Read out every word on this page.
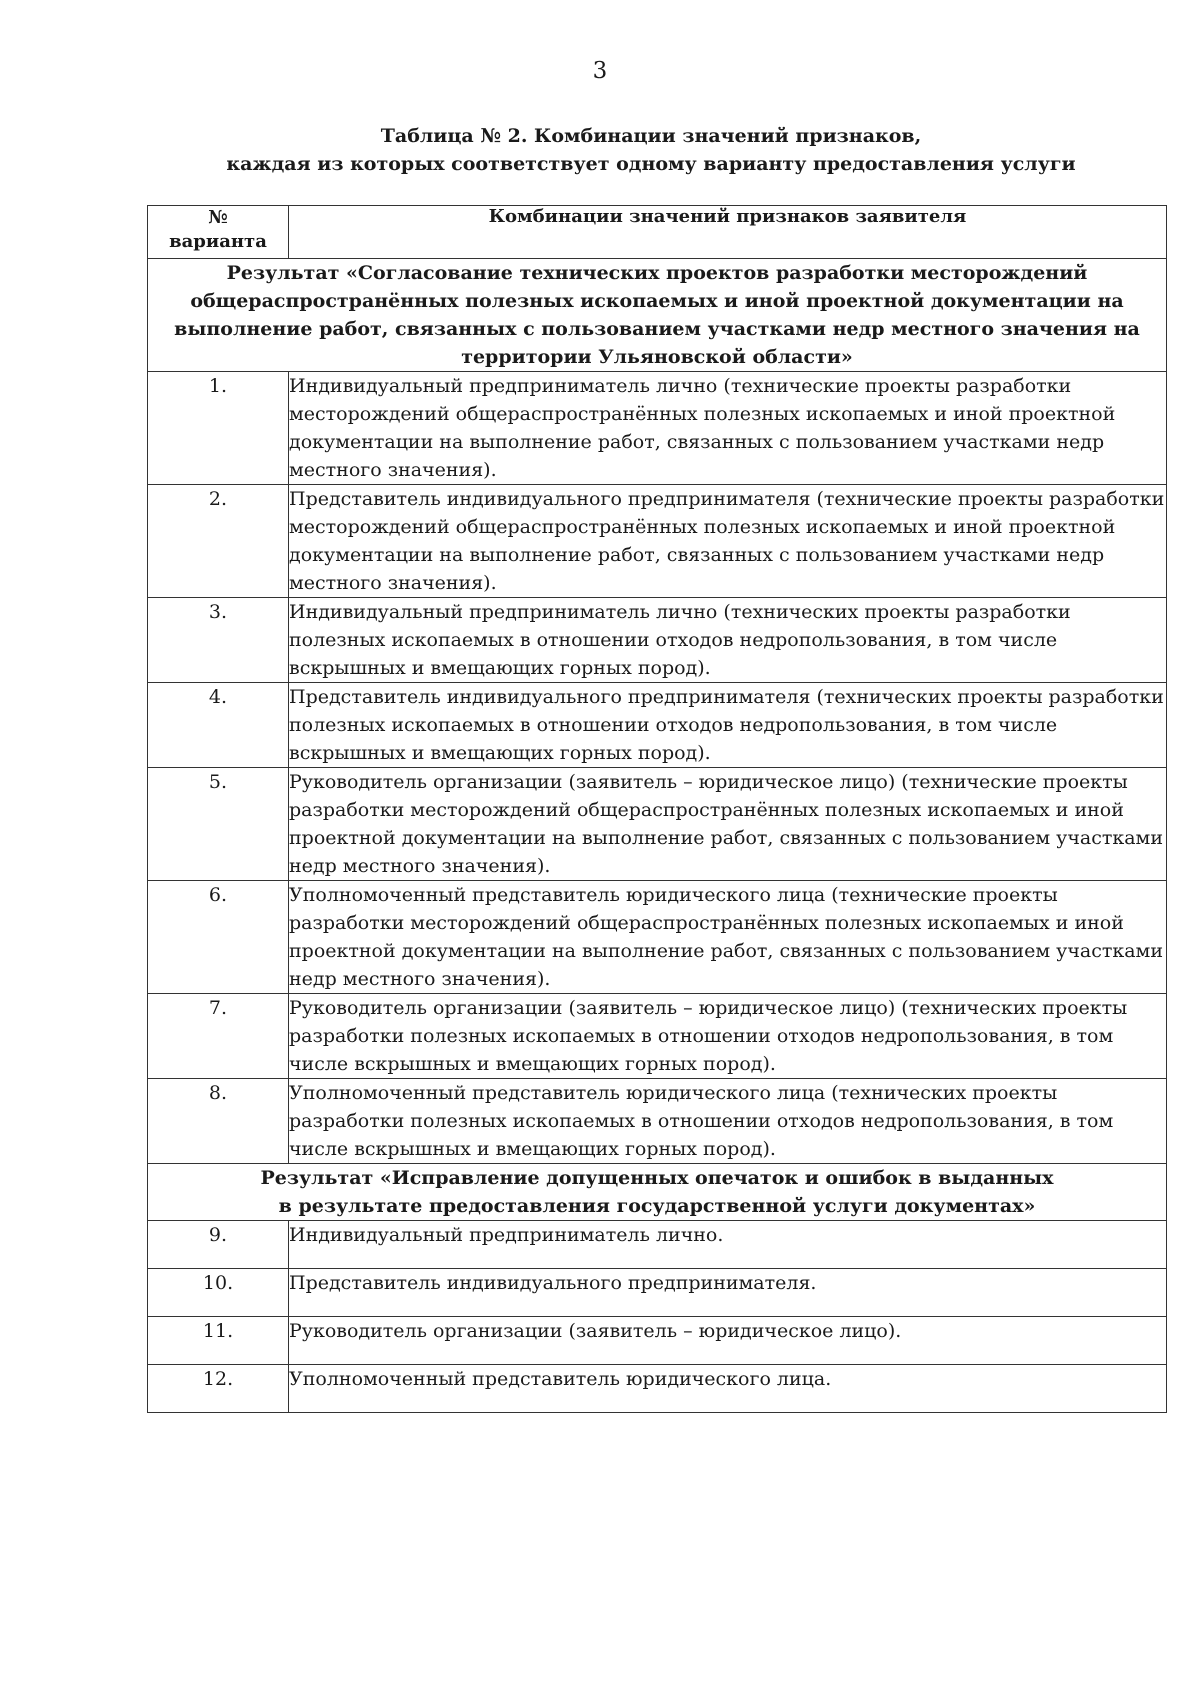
3
Таблица № 2. Комбинации значений признаков,
каждая из которых соответствует одному варианту предоставления услуги
№
варианта	Комбинации значений признаков заявителя
Результат «Согласование технических проектов разработки месторождений общераспространённых полезных ископаемых и иной проектной документации на выполнение работ, связанных с пользованием участками недр местного значения на территории Ульяновской области»	
1.	Индивидуальный предприниматель лично (технические проекты разработки месторождений общераспространённых полезных ископаемых и иной проектной документации на выполнение работ, связанных с пользованием участками недр местного значения).
2.	Представитель индивидуального предпринимателя (технические проекты разработки месторождений общераспространённых полезных ископаемых и иной проектной документации на выполнение работ, связанных с пользованием участками недр местного значения).
3.	Индивидуальный предприниматель лично (технических проекты разработки полезных ископаемых в отношении отходов недропользования, в том числе вскрышных и вмещающих горных пород).
4.	Представитель индивидуального предпринимателя (технических проекты разработки полезных ископаемых в отношении отходов недропользования, в том числе вскрышных и вмещающих горных пород).
5.	Руководитель организации (заявитель – юридическое лицо) (технические проекты разработки месторождений общераспространённых полезных ископаемых и иной проектной документации на выполнение работ, связанных с пользованием участками недр местного значения).
6.	Уполномоченный представитель юридического лица (технические проекты разработки месторождений общераспространённых полезных ископаемых и иной проектной документации на выполнение работ, связанных с пользованием участками недр местного значения).
7.	Руководитель организации (заявитель – юридическое лицо) (технических проекты разработки полезных ископаемых в отношении отходов недропользования, в том числе вскрышных и вмещающих горных пород).
8.	Уполномоченный представитель юридического лица (технических проекты разработки полезных ископаемых в отношении отходов недропользования, в том числе вскрышных и вмещающих горных пород).

Результат «Исправление допущенных опечаток и ошибок в выданных
в результате предоставления государственной услуги документах»	

9.	Индивидуальный предприниматель лично.
10.	Представитель индивидуального предпринимателя.
11.	Руководитель организации (заявитель – юридическое лицо).
12.	Уполномоченный представитель юридического лица.
